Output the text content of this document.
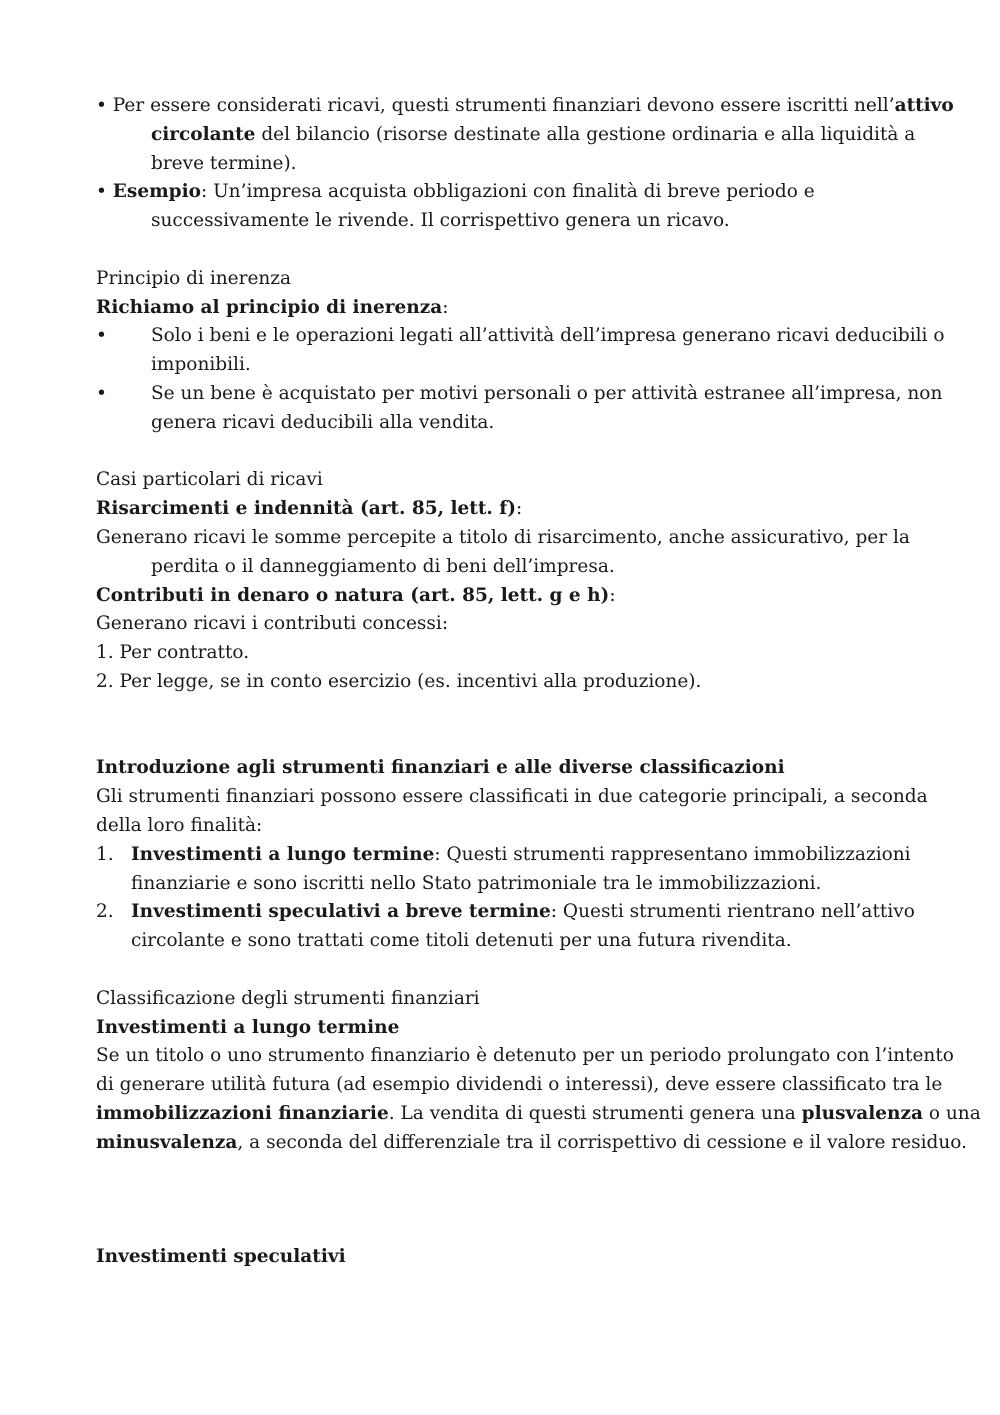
• Per essere considerati ricavi, questi strumenti finanziari devono essere iscritti nell’attivo
circolante del bilancio (risorse destinate alla gestione ordinaria e alla liquidità a
breve termine).
• Esempio: Un’impresa acquista obbligazioni con finalità di breve periodo e
successivamente le rivende. Il corrispettivo genera un ricavo.
Principio di inerenza
Richiamo al principio di inerenza:
• Solo i beni e le operazioni legati all’attività dell’impresa generano ricavi deducibili o
imponibili.
• Se un bene è acquistato per motivi personali o per attività estranee all’impresa, non
genera ricavi deducibili alla vendita.
Casi particolari di ricavi
Risarcimenti e indennità (art. 85, lett. f):
Generano ricavi le somme percepite a titolo di risarcimento, anche assicurativo, per la
perdita o il danneggiamento di beni dell’impresa.
Contributi in denaro o natura (art. 85, lett. g e h):
Generano ricavi i contributi concessi:
1. Per contratto.
2. Per legge, se in conto esercizio (es. incentivi alla produzione).
Introduzione agli strumenti finanziari e alle diverse classificazioni
Gli strumenti finanziari possono essere classificati in due categorie principali, a seconda
della loro finalità:
1. Investimenti a lungo termine: Questi strumenti rappresentano immobilizzazioni
finanziarie e sono iscritti nello Stato patrimoniale tra le immobilizzazioni.
2. Investimenti speculativi a breve termine: Questi strumenti rientrano nell’attivo
circolante e sono trattati come titoli detenuti per una futura rivendita.
Classificazione degli strumenti finanziari
Investimenti a lungo termine
Se un titolo o uno strumento finanziario è detenuto per un periodo prolungato con l’intento
di generare utilità futura (ad esempio dividendi o interessi), deve essere classificato tra le
immobilizzazioni finanziarie. La vendita di questi strumenti genera una plusvalenza o una
minusvalenza, a seconda del differenziale tra il corrispettivo di cessione e il valore residuo.
Investimenti speculativi
